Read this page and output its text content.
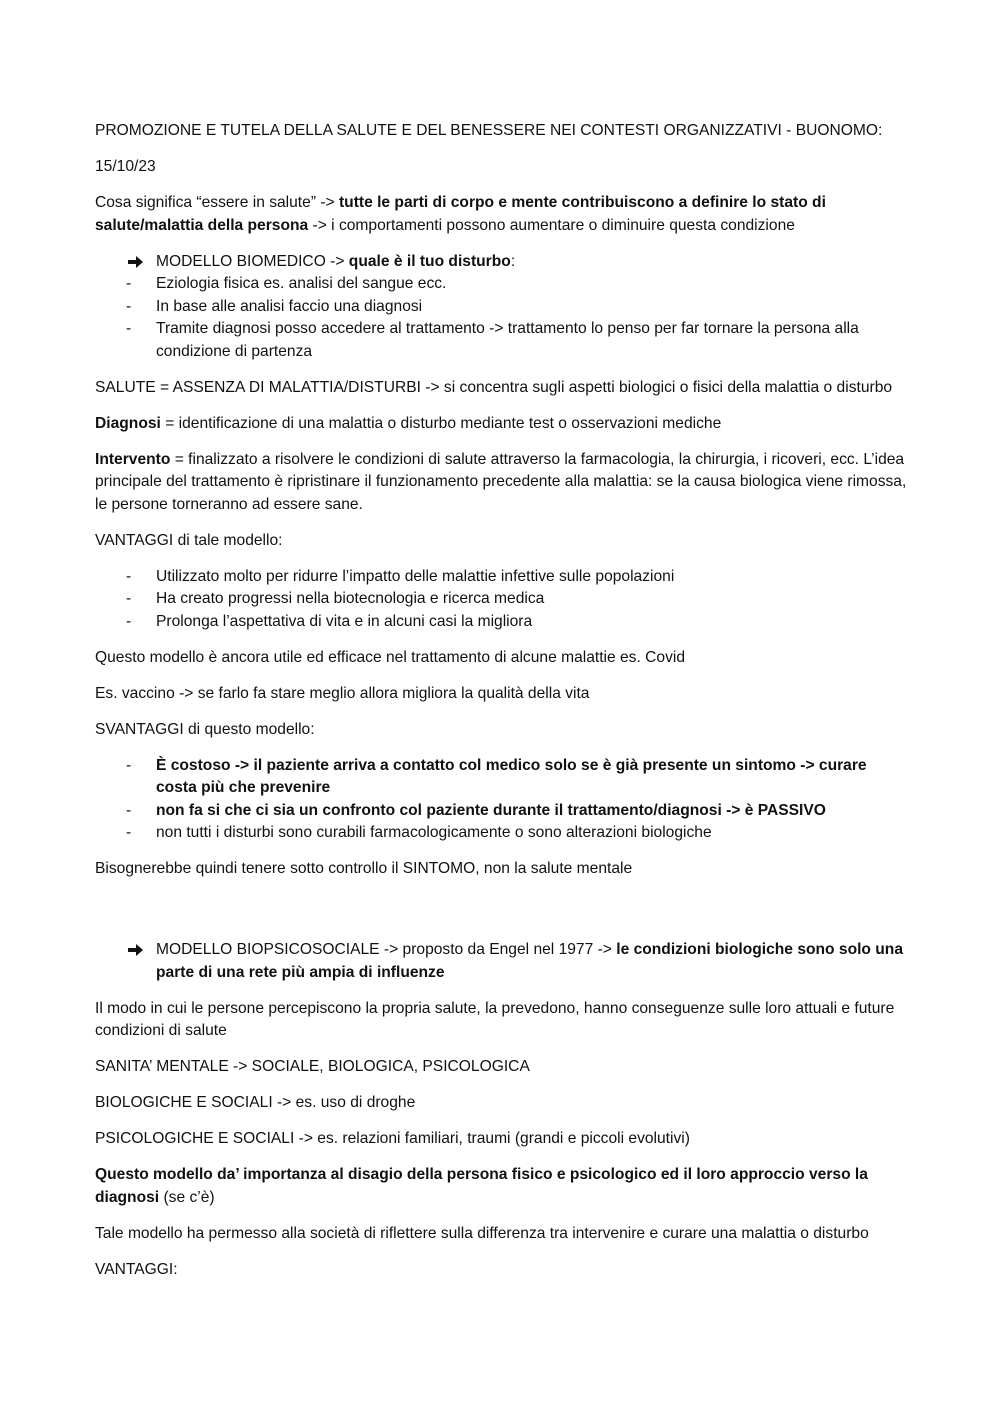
PROMOZIONE E TUTELA DELLA SALUTE E DEL BENESSERE NEI CONTESTI ORGANIZZATIVI - BUONOMO:

15/10/23

Cosa significa “essere in salute” -> tutte le parti di corpo e mente contribuiscono a definire lo stato di salute/malattia della persona -> i comportamenti possono aumentare o diminuire questa condizione

MODELLO BIOMEDICO -> quale è il tuo disturbo:
- Eziologia fisica es. analisi del sangue ecc.
- In base alle analisi faccio una diagnosi
- Tramite diagnosi posso accedere al trattamento -> trattamento lo penso per far tornare la persona alla condizione di partenza

SALUTE = ASSENZA DI MALATTIA/DISTURBI -> si concentra sugli aspetti biologici o fisici della malattia o disturbo

Diagnosi = identificazione di una malattia o disturbo mediante test o osservazioni mediche

Intervento = finalizzato a risolvere le condizioni di salute attraverso la farmacologia, la chirurgia, i ricoveri, ecc. L’idea principale del trattamento è ripristinare il funzionamento precedente alla malattia: se la causa biologica viene rimossa, le persone torneranno ad essere sane.

VANTAGGI di tale modello:

- Utilizzato molto per ridurre l’impatto delle malattie infettive sulle popolazioni
- Ha creato progressi nella biotecnologia e ricerca medica
- Prolonga l’aspettativa di vita e in alcuni casi la migliora

Questo modello è ancora utile ed efficace nel trattamento di alcune malattie es. Covid

Es. vaccino -> se farlo fa stare meglio allora migliora la qualità della vita

SVANTAGGI di questo modello:

- È costoso -> il paziente arriva a contatto col medico solo se è già presente un sintomo -> curare costa più che prevenire
- non fa si che ci sia un confronto col paziente durante il trattamento/diagnosi -> è PASSIVO
- non tutti i disturbi sono curabili farmacologicamente o sono alterazioni biologiche

Bisognerebbe quindi tenere sotto controllo il SINTOMO, non la salute mentale

MODELLO BIOPSICOSOCIALE -> proposto da Engel nel 1977 -> le condizioni biologiche sono solo una parte di una rete più ampia di influenze

Il modo in cui le persone percepiscono la propria salute, la prevedono, hanno conseguenze sulle loro attuali e future condizioni di salute

SANITA’ MENTALE -> SOCIALE, BIOLOGICA, PSICOLOGICA

BIOLOGICHE E SOCIALI -> es. uso di droghe

PSICOLOGICHE E SOCIALI -> es. relazioni familiari, traumi (grandi e piccoli evolutivi)

Questo modello da’ importanza al disagio della persona fisico e psicologico ed il loro approccio verso la diagnosi (se c’è)

Tale modello ha permesso alla società di riflettere sulla differenza tra intervenire e curare una malattia o disturbo

VANTAGGI:
